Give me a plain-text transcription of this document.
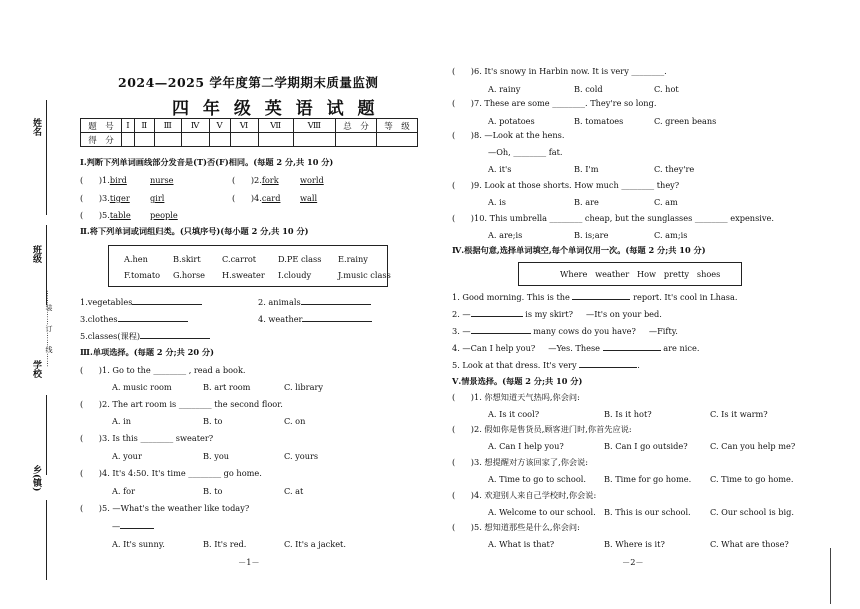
姓名
班级
……装……订……线……
学校
乡(镇)
2024—2025 学年度第二学期期末质量监测
四 年 级 英 语 试 题
题　号	Ⅰ	Ⅱ	Ⅲ	Ⅳ	Ⅴ	Ⅵ	Ⅶ	Ⅷ	总　分	等　级
得　分										
Ⅰ.判断下列单词画线部分发音是(T)否(F)相同。(每题 2 分,共 10 分)
(      )1.bird	nurse	(      )2.fork	world
(      )3.tiger girl	(      )4.card wall
(      )5.table people
Ⅱ.将下列单词或词组归类。(只填序号)(每小题 2 分,共 10 分)
A.hen	B.skirt	C.carrot	D.PE class E.rainy
F.tomato G.horse H.sweater I.cloudy	J.music class
1.vegetables	2. animals
3.clothes	4. weather
5.classes(课程)
Ⅲ.单项选择。(每题 2 分;共 20 分)
(      )1. Go to the ________ , read a book.
A. music room	B. art room	C. library
(      )2. The art room is ________ the second floor.
A. in	B. to	C. on
(      )3. Is this ________ sweater?
A. your	B. you	C. yours
(      )4. It's 4:50. It's time ________ go home.
A. for	B. to	C. at
(      )5. —What's the weather like today?
—
A. It's sunny.	B. It's red.	C. It's a jacket.
－1－
(      )6. It's snowy in Harbin now. It is very ________.
A. rainy	B. cold	C. hot
(      )7. These are some ________. They're so long.
A. potatoes	B. tomatoes	C. green beans
(      )8. —Look at the hens.
—Oh, ________ fat.
A. it's	B. I'm	C. they're
(      )9. Look at those shorts. How much ________ they?
A. is	B. are	C. am
(      )10. This umbrella ________ cheap, but the sunglasses ________ expensive.
A. are;is	B. is;are	C. am;is
Ⅳ.根据句意,选择单词填空,每个单词仅用一次。(每题 2 分;共 10 分)
Where   weather   How   pretty   shoes
1. Good morning. This is the	report. It's cool in Lhasa.
2. —	is my skirt?     —It's on your bed.
3. —	many cows do you have?     —Fifty.
4. —Can I help you?     —Yes. These	are nice.
5. Look at that dress. It's very	.
Ⅴ.情景选择。(每题 2 分;共 10 分)
(      )1. 你想知道天气热吗,你会问:
A. Is it cool?	B. Is it hot?	C. Is it warm?
(      )2. 假如你是售货员,顾客进门时,你首先应说:
A. Can I help you?	B. Can I go outside?	C. Can you help me?
(      )3. 想提醒对方该回家了,你会说:
A. Time to go to school. B. Time for go home. C. Time to go home.
(      )4. 欢迎别人来自己学校时,你会说:
A. Welcome to our school. B. This is our school. C. Our school is big.
(      )5. 想知道那些是什么,你会问:
A. What is that?	B. Where is it?	C. What are those?
－2－
